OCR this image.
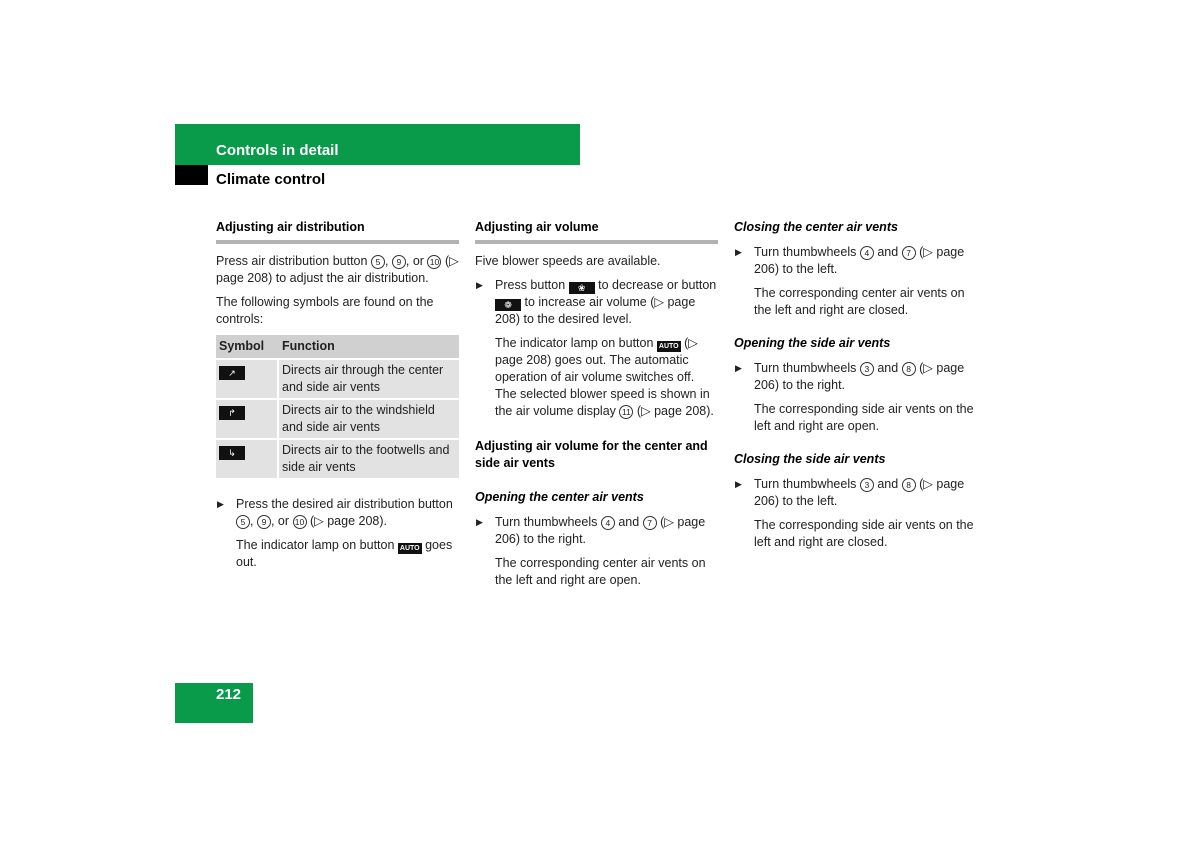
Controls in detail
Climate control
Adjusting air distribution

Press air distribution button 5 , 9 , or 10 (▷ page 208) to adjust the air distribution.

The following symbols are found on the controls:

Symbol	Function
↗	Directs air through the center and side air vents
↱	Directs air to the windshield and side air vents
↳	Directs air to the footwells and side air vents
▶ Press the desired air distribution button 5 , 9 , or 10 (▷ page 208).

The indicator lamp on button AUTO goes out.

Adjusting air volume

Five blower speeds are available.

▶ Press button ❀ to decrease or button ❁ to increase air volume (▷ page 208) to the desired level.

The indicator lamp on button AUTO (▷ page 208) goes out. The automatic operation of air volume switches off. The selected blower speed is shown in the air volume display 11 (▷ page 208).

Adjusting air volume for the center and side air vents
Opening the center air vents
▶ Turn thumbwheels 4 and 7 (▷ page 206) to the right.

The corresponding center air vents on the left and right are open.

Closing the center air vents
▶ Turn thumbwheels 4 and 7 (▷ page 206) to the left.

The corresponding center air vents on the left and right are closed.

Opening the side air vents
▶ Turn thumbwheels 3 and 8 (▷ page 206) to the right.

The corresponding side air vents on the left and right are open.

Closing the side air vents
▶ Turn thumbwheels 3 and 8 (▷ page 206) to the left.

The corresponding side air vents on the left and right are closed.

212
